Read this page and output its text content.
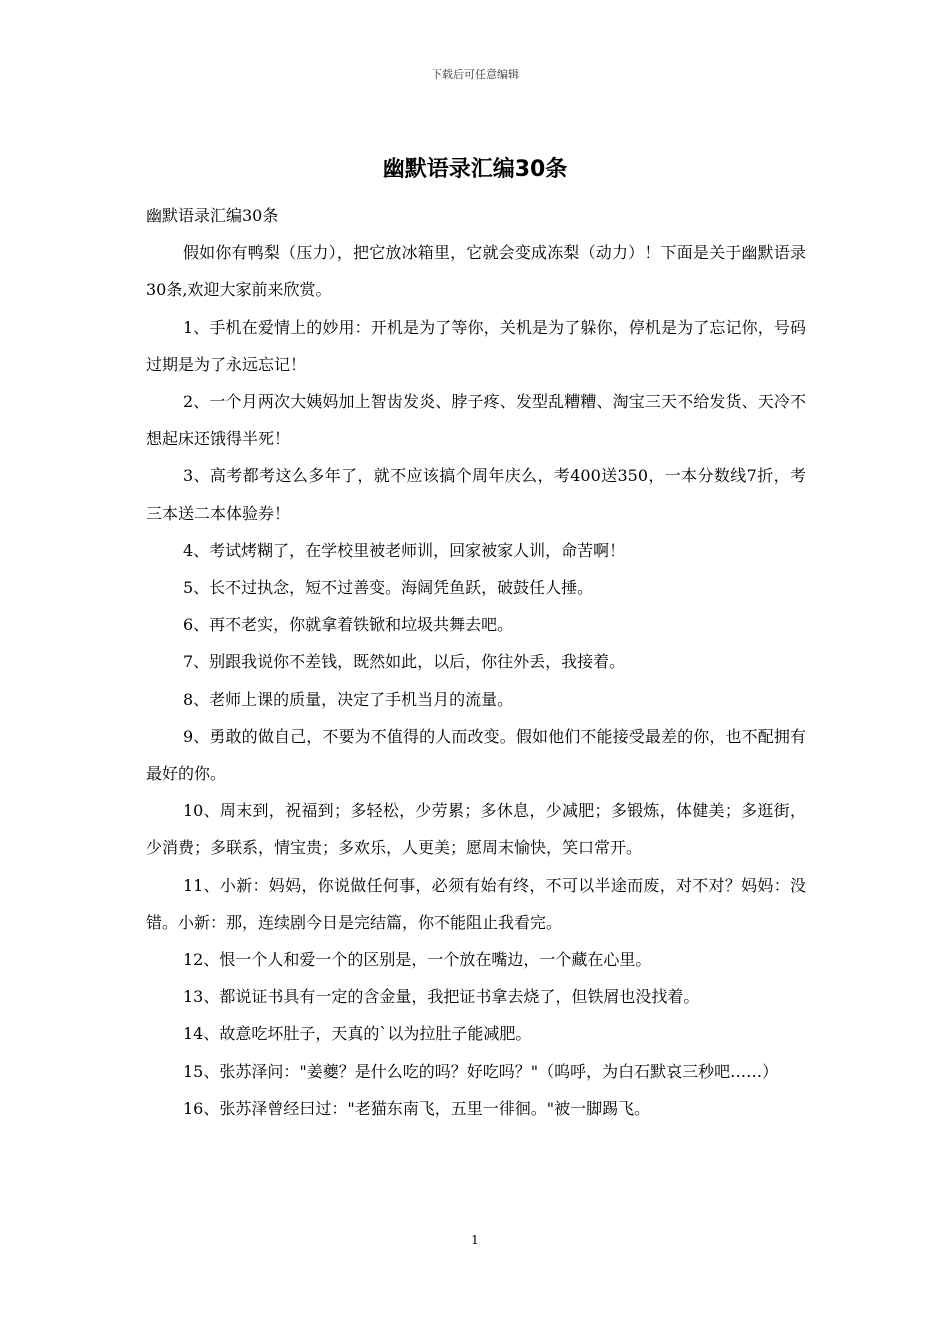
下载后可任意编辑
幽默语录汇编30条

幽默语录汇编30条

假如你有鸭梨（压力），把它放冰箱里，它就会变成冻梨（动力）！下面是关于幽默语录30条,欢迎大家前来欣赏。

1、手机在爱情上的妙用：开机是为了等你，关机是为了躲你，停机是为了忘记你，号码过期是为了永远忘记！

2、一个月两次大姨妈加上智齿发炎、脖子疼、发型乱糟糟、淘宝三天不给发货、天冷不想起床还饿得半死！

3、高考都考这么多年了，就不应该搞个周年庆么，考400送350，一本分数线7折，考三本送二本体验券！

4、考试烤糊了，在学校里被老师训，回家被家人训，命苦啊！

5、长不过执念，短不过善变。海阔凭鱼跃，破鼓任人捶。

6、再不老实，你就拿着铁锨和垃圾共舞去吧。

7、别跟我说你不差钱，既然如此，以后，你往外丢，我接着。

8、老师上课的质量，决定了手机当月的流量。

9、勇敢的做自己，不要为不值得的人而改变。假如他们不能接受最差的你，也不配拥有最好的你。

10、周末到，祝福到；多轻松，少劳累；多休息，少减肥；多锻炼，体健美；多逛街，少消费；多联系，情宝贵；多欢乐，人更美；愿周末愉快，笑口常开。

11、小新：妈妈，你说做任何事，必须有始有终，不可以半途而废，对不对？妈妈：没错。小新：那，连续剧今日是完结篇，你不能阻止我看完。

12、恨一个人和爱一个的区别是，一个放在嘴边，一个藏在心里。

13、都说证书具有一定的含金量，我把证书拿去烧了，但铁屑也没找着。

14、故意吃坏肚子，天真的`以为拉肚子能减肥。

15、张苏泽问："姜夔？是什么吃的吗？好吃吗？"（呜呼，为白石默哀三秒吧……）

16、张苏泽曾经曰过："老猫东南飞，五里一徘徊。"被一脚踢飞。

1
